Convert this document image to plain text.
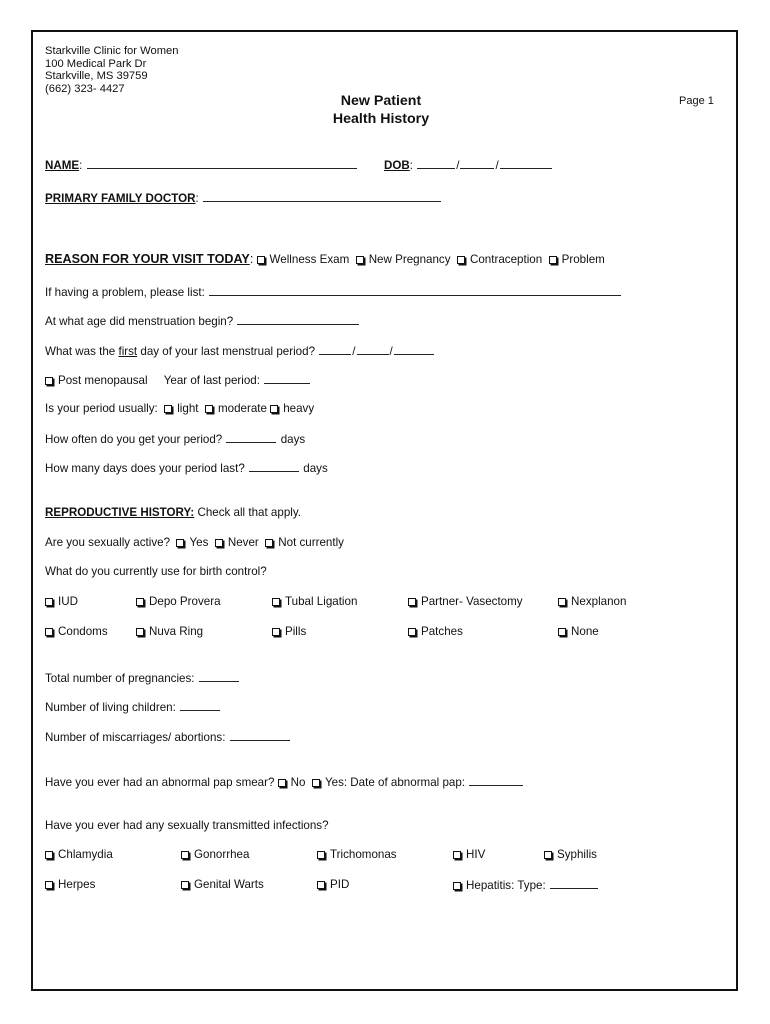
Starkville Clinic for Women
100 Medical Park Dr
Starkville, MS 39759
(662) 323- 4427
New Patient
Health History
Page 1
NAME:	DOB:	/	/
PRIMARY FAMILY DOCTOR:
REASON FOR YOUR VISIT TODAY: Wellness Exam New Pregnancy Contraception Problem
If having a problem, please list:
At what age did menstruation begin?
What was the first day of your last menstrual period?	/	/
Post menopausal Year of last period:
Is your period usually: light moderate heavy
How often do you get your period?	days
How many days does your period last?	days
REPRODUCTIVE HISTORY: Check all that apply.
Are you sexually active? Yes Never Not currently
What do you currently use for birth control?
IUD	Depo Provera	Tubal Ligation	Partner- Vasectomy	Nexplanon
Condoms	Nuva Ring	Pills	Patches	None
Total number of pregnancies:
Number of living children:
Number of miscarriages/ abortions:
Have you ever had an abnormal pap smear? No Yes: Date of abnormal pap:
Have you ever had any sexually transmitted infections?
Chlamydia	Gonorrhea	Trichomonas	HIV	Syphilis
Herpes	Genital Warts	PID	Hepatitis: Type:
